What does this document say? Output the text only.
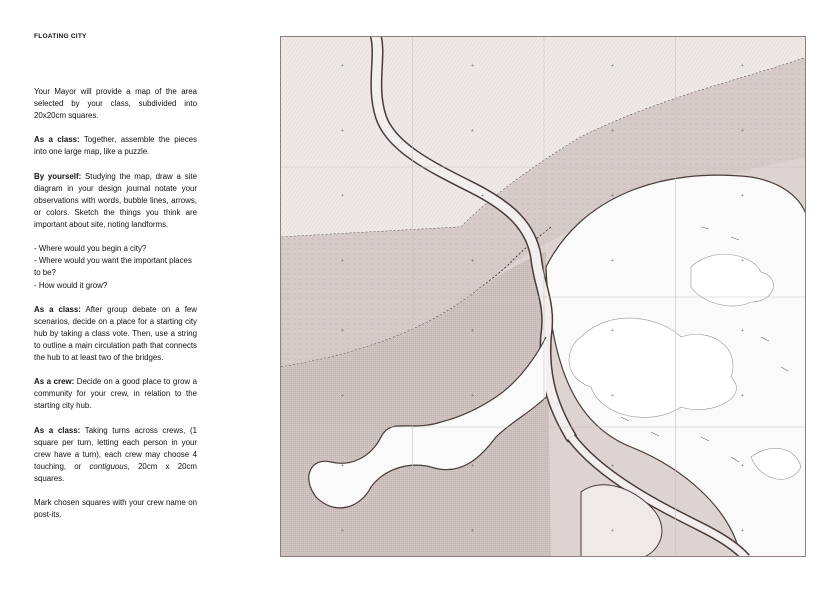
FLOATING CITY

Your Mayor will provide a map of the area selected by your class, subdivided into 20x20cm squares.

As a class: Together, assemble the pieces into one large map, like a puzzle.

By yourself: Studying the map, draw a site diagram in your design journal notate your observations with words, bubble lines, arrows, or colors. Sketch the things you think are important about site, noting landforms.

- Where would you begin a city?
- Where would you want the important places to be?
- How would it grow?

As a class: After group debate on a few scenarios, decide on a place for a starting city hub by taking a class vote. Then, use a string to outline a main circulation path that connects the hub to at least two of the bridges.

As a crew: Decide on a good place to grow a community for your crew, in relation to the starting city hub.

As a class: Taking turns across crews, (1 square per turn, letting each person in your crew have a turn), each crew may choose 4 touching, or contiguous, 20cm x 20cm squares.

Mark chosen squares with your crew name on post-its.

+	+	+	+
+	+	+	+
+	+	+	+
+	+	+	+
+	+	+	+
+	+	+	+
+	+	+	+
+	+	+	+
